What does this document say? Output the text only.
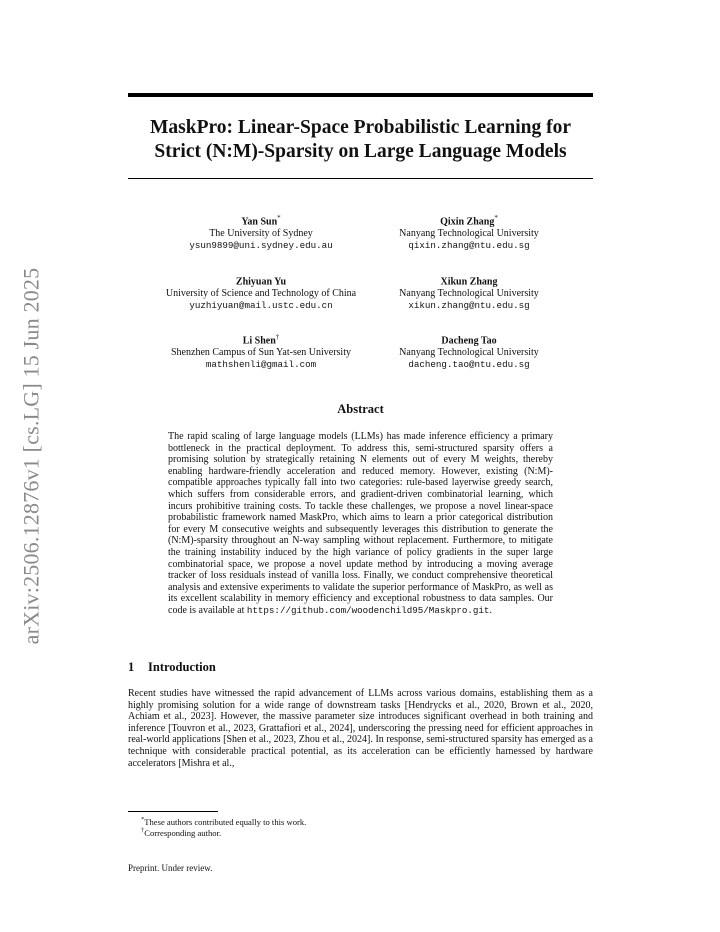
arXiv:2506.12876v1 [cs.LG] 15 Jun 2025
MaskPro: Linear-Space Probabilistic Learning for
Strict (N:M)-Sparsity on Large Language Models
Yan Sun*
The University of Sydney
ysun9899@uni.sydney.edu.au
Qixin Zhang*
Nanyang Technological University
qixin.zhang@ntu.edu.sg
Zhiyuan Yu
University of Science and Technology of China
yuzhiyuan@mail.ustc.edu.cn
Xikun Zhang
Nanyang Technological University
xikun.zhang@ntu.edu.sg
Li Shen†
Shenzhen Campus of Sun Yat-sen University
mathshenli@gmail.com
Dacheng Tao
Nanyang Technological University
dacheng.tao@ntu.edu.sg
Abstract

The rapid scaling of large language models (LLMs) has made inference efficiency a primary bottleneck in the practical deployment. To address this, semi-structured sparsity offers a promising solution by strategically retaining N elements out of every M weights, thereby enabling hardware-friendly acceleration and reduced memory. However, existing (N:M)-compatible approaches typically fall into two categories: rule-based layerwise greedy search, which suffers from considerable errors, and gradient-driven combinatorial learning, which incurs prohibitive training costs. To tackle these challenges, we propose a novel linear-space probabilistic framework named MaskPro, which aims to learn a prior categorical distribution for every M consecutive weights and subsequently leverages this distribution to generate the (N:M)-sparsity throughout an N-way sampling without replacement. Furthermore, to mitigate the training instability induced by the high variance of policy gradients in the super large combinatorial space, we propose a novel update method by introducing a moving average tracker of loss residuals instead of vanilla loss. Finally, we conduct comprehensive theoretical analysis and extensive experiments to validate the superior performance of MaskPro, as well as its excellent scalability in memory efficiency and exceptional robustness to data samples. Our code is available at https://github.com/woodenchild95/Maskpro.git.

1 Introduction

Recent studies have witnessed the rapid advancement of LLMs across various domains, establishing them as a highly promising solution for a wide range of downstream tasks [Hendrycks et al., 2020, Brown et al., 2020, Achiam et al., 2023]. However, the massive parameter size introduces significant overhead in both training and inference [Touvron et al., 2023, Grattafiori et al., 2024], underscoring the pressing need for efficient approaches in real-world applications [Shen et al., 2023, Zhou et al., 2024]. In response, semi-structured sparsity has emerged as a technique with considerable practical potential, as its acceleration can be efficiently harnessed by hardware accelerators [Mishra et al.,

*These authors contributed equally to this work.
†Corresponding author.
Preprint. Under review.
